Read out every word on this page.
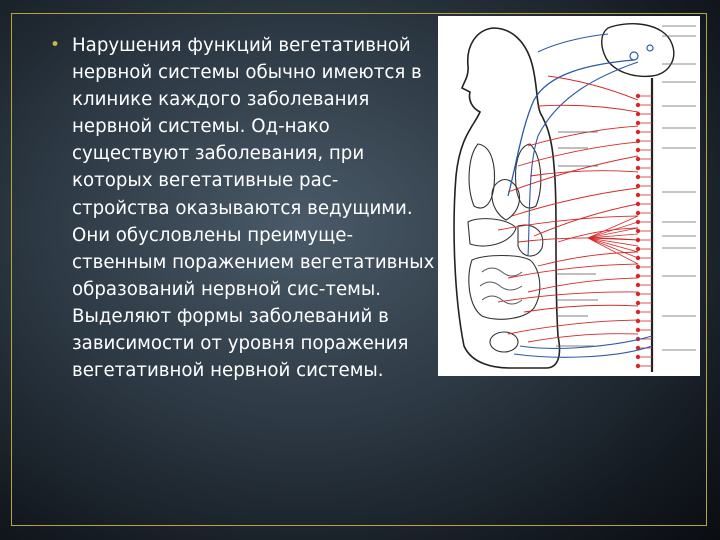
• Нарушения функций вегетативной нервной системы обычно имеются в клинике каждого заболевания нервной системы. Од-нако существуют заболевания, при которых вегетативные рас-стройства оказываются ведущими. Они обусловлены преимуще-ственным поражением вегетативных образований нервной сис-темы. Выделяют формы заболеваний в зависимости от уровня поражения вегетативной нервной системы.
